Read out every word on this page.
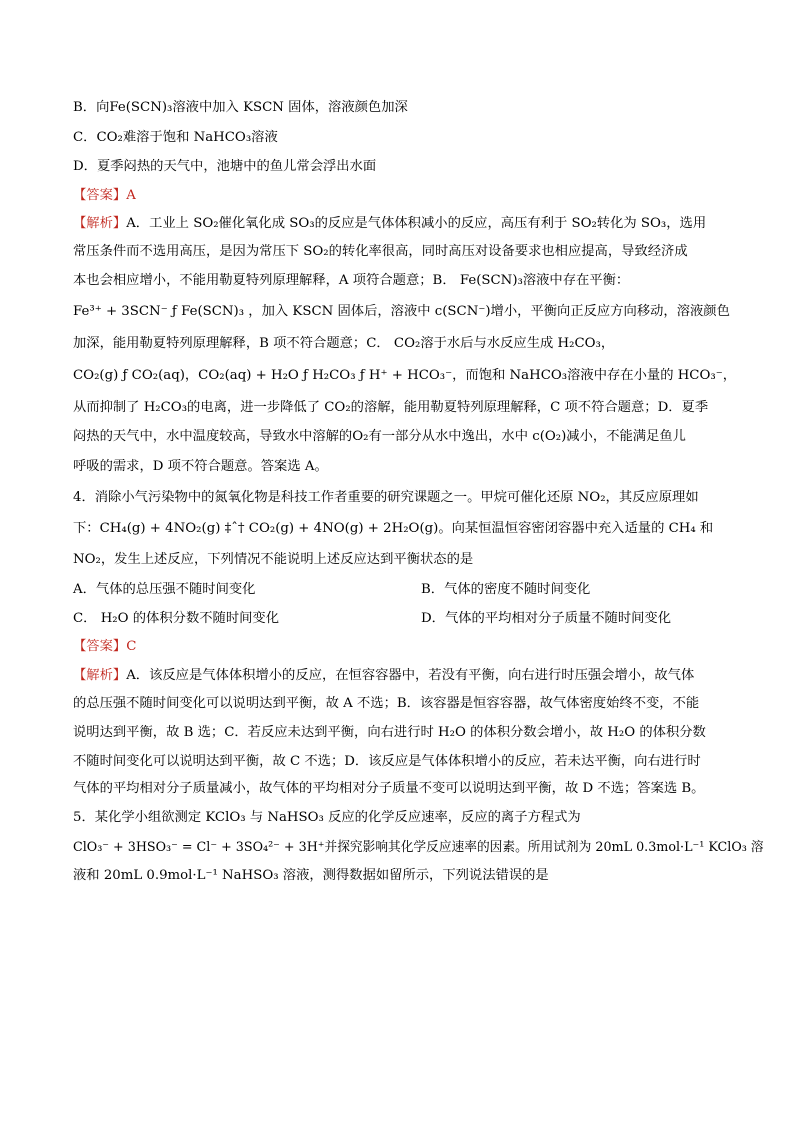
B．向Fe(SCN)₃溶液中加入 KSCN 固体，溶液颜色加深
C．CO₂难溶于饱和 NaHCO₃溶液
D．夏季闷热的天气中，池塘中的鱼儿常会浮出水面
【答案】A
【解析】A．工业上 SO₂催化氧化成 SO₃的反应是气体体积减小的反应，高压有利于 SO₂转化为 SO₃，选用
常压条件而不选用高压，是因为常压下 SO₂的转化率很高，同时高压对设备要求也相应提高，导致经济成
本也会相应增小，不能用勒夏特列原理解释，A 项符合题意；B． Fe(SCN)₃溶液中存在平衡：
Fe³⁺ + 3SCN⁻ ƒ Fe(SCN)₃ ，加入 KSCN 固体后，溶液中 c(SCN⁻)增小，平衡向正反应方向移动，溶液颜色
加深，能用勒夏特列原理解释，B 项不符合题意；C． CO₂溶于水后与水反应生成 H₂CO₃，
CO₂(g) ƒ CO₂(aq)，CO₂(aq) + H₂O ƒ H₂CO₃ ƒ H⁺ + HCO₃⁻，而饱和 NaHCO₃溶液中存在小量的 HCO₃⁻，
从而抑制了 H₂CO₃的电离，进一步降低了 CO₂的溶解，能用勒夏特列原理解释，C 项不符合题意；D．夏季
闷热的天气中，水中温度较高，导致水中溶解的O₂有一部分从水中逸出，水中 c(O₂)减小，不能满足鱼儿
呼吸的需求，D 项不符合题意。答案选 A。
4．消除小气污染物中的氮氧化物是科技工作者重要的研究课题之一。甲烷可催化还原 NO₂，其反应原理如
下：CH₄(g) + 4NO₂(g) ‡ˆ† CO₂(g) + 4NO(g) + 2H₂O(g)。向某恒温恒容密闭容器中充入适量的 CH₄ 和
NO₂，发生上述反应，下列情况不能说明上述反应达到平衡状态的是
A．气体的总压强不随时间变化	B．气体的密度不随时间变化
C． H₂O 的体积分数不随时间变化	D．气体的平均相对分子质量不随时间变化
【答案】C
【解析】A．该反应是气体体积增小的反应，在恒容容器中，若没有平衡，向右进行时压强会增小，故气体
的总压强不随时间变化可以说明达到平衡，故 A 不选；B．该容器是恒容容器，故气体密度始终不变，不能
说明达到平衡，故 B 选；C．若反应未达到平衡，向右进行时 H₂O 的体积分数会增小，故 H₂O 的体积分数
不随时间变化可以说明达到平衡，故 C 不选；D．该反应是气体体积增小的反应，若未达平衡，向右进行时
气体的平均相对分子质量减小，故气体的平均相对分子质量不变可以说明达到平衡，故 D 不选；答案选 B。
5．某化学小组欲测定 KClO₃ 与 NaHSO₃ 反应的化学反应速率，反应的离子方程式为
ClO₃⁻ + 3HSO₃⁻ = Cl⁻ + 3SO₄²⁻ + 3H⁺并探究影响其化学反应速率的因素。所用试剂为 20mL 0.3mol·L⁻¹ KClO₃ 溶
液和 20mL 0.9mol·L⁻¹ NaHSO₃ 溶液，测得数据如留所示，下列说法错误的是
